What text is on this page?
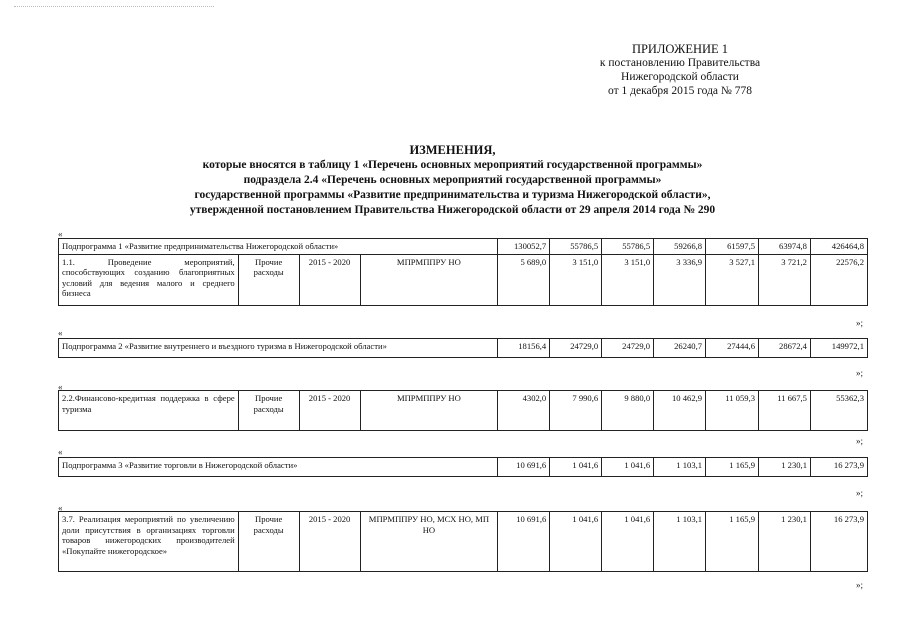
ПРИЛОЖЕНИЕ 1
к постановлению Правительства
Нижегородской области
от 1 декабря 2015 года № 778
ИЗМЕНЕНИЯ,
которые вносятся в таблицу 1 «Перечень основных мероприятий государственной программы»
подраздела 2.4 «Перечень основных мероприятий государственной программы»
государственной программы «Развитие предпринимательства и туризма Нижегородской области»,
утвержденной постановлением Правительства Нижегородской области от 29 апреля 2014 года № 290
«
Подпрограмма 1 «Развитие предпринимательства Нижегородской области»				130052,7	55786,5	55786,5	59266,8	61597,5	63974,8	426464,8
1.1. Проведение мероприятий, способствующих созданию благоприятных условий для ведения малого и среднего бизнеса	Прочие расходы	2015 - 2020	МПРМППРУ НО	5 689,0	3 151,0	3 151,0	3 336,9	3 527,1	3 721,2	22576,2
»;
«
Подпрограмма 2 «Развитие внутреннего и въездного туризма в Нижегородской области»	18156,4	24729,0	24729,0	26240,7	27444,6	28672,4	149972,1
»;
«
2.2.Финансово-кредитная поддержка в сфере туризма	Прочие расходы	2015 - 2020	МПРМППРУ НО	4302,0	7 990,6	9 880,0	10 462,9	11 059,3	11 667,5	55362,3
»;
«
Подпрограмма 3 «Развитие торговли в Нижегородской области»	10 691,6	1 041,6	1 041,6	1 103,1	1 165,9	1 230,1	16 273,9
»;
«
3.7. Реализация мероприятий по увеличению доли присутствия в организациях торговли товаров нижегородских производителей «Покупайте нижегородское»	Прочие расходы	2015 - 2020	МПРМППРУ НО, МСХ НО, МП НО	10 691,6	1 041,6	1 041,6	1 103,1	1 165,9	1 230,1	16 273,9
»;
